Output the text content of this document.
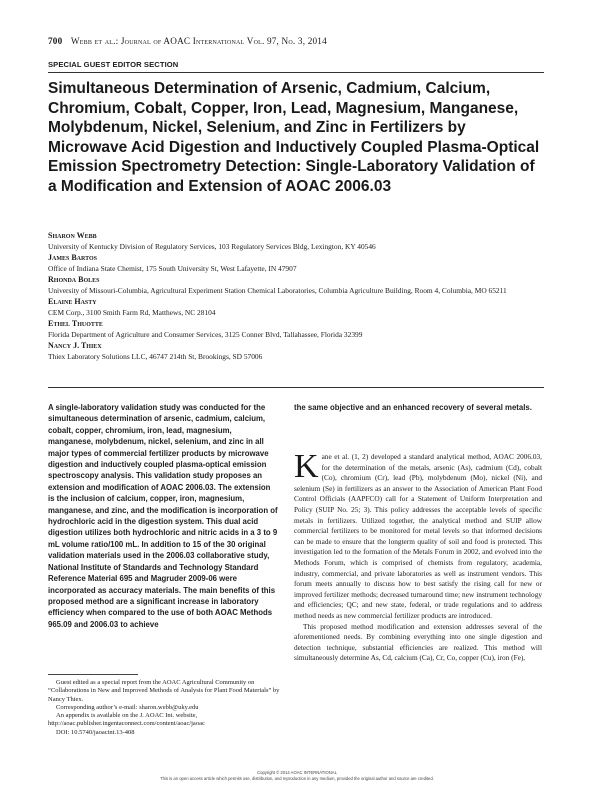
700 Webb et al.: Journal of AOAC International Vol. 97, No. 3, 2014
SPECIAL GUEST EDITOR SECTION
Simultaneous Determination of Arsenic, Cadmium, Calcium, Chromium, Cobalt, Copper, Iron, Lead, Magnesium, Manganese, Molybdenum, Nickel, Selenium, and Zinc in Fertilizers by Microwave Acid Digestion and Inductively Coupled Plasma-Optical Emission Spectrometry Detection: Single-Laboratory Validation of a Modification and Extension of AOAC 2006.03
Sharon Webb
University of Kentucky Division of Regulatory Services, 103 Regulatory Services Bldg, Lexington, KY 40546
James Bartos
Office of Indiana State Chemist, 175 South University St, West Lafayette, IN 47907
Rhonda Boles
University of Missouri-Columbia, Agricultural Experiment Station Chemical Laboratories, Columbia Agriculture Building, Room 4, Columbia, MO 65211
Elaine Hasty
CEM Corp., 3100 Smith Farm Rd, Matthews, NC 28104
Ethel Thuotte
Florida Department of Agriculture and Consumer Services, 3125 Conner Blvd, Tallahassee, Florida 32399
Nancy J. Thiex
Thiex Laboratory Solutions LLC, 46747 214th St, Brookings, SD 57006

A single-laboratory validation study was conducted for the simultaneous determination of arsenic, cadmium, calcium, cobalt, copper, chromium, iron, lead, magnesium, manganese, molybdenum, nickel, selenium, and zinc in all major types of commercial fertilizer products by microwave digestion and inductively coupled plasma-optical emission spectroscopy analysis. This validation study proposes an extension and modification of AOAC 2006.03. The extension is the inclusion of calcium, copper, iron, magnesium, manganese, and zinc, and the modification is incorporation of hydrochloric acid in the digestion system. This dual acid digestion utilizes both hydrochloric and nitric acids in a 3 to 9 mL volume ratio/100 mL. In addition to 15 of the 30 original validation materials used in the 2006.03 collaborative study, National Institute of Standards and Technology Standard Reference Material 695 and Magruder 2009-06 were incorporated as accuracy materials. The main benefits of this proposed method are a significant increase in laboratory efficiency when compared to the use of both AOAC Methods 965.09 and 2006.03 to achieve

the same objective and an enhanced recovery of several metals.

Kane et al. (1, 2) developed a standard analytical method, AOAC 2006.03, for the determination of the metals, arsenic (As), cadmium (Cd), cobalt (Co), chromium (Cr), lead (Pb), molybdenum (Mo), nickel (Ni), and selenium (Se) in fertilizers as an answer to the Association of American Plant Food Control Officials (AAPFCO) call for a Statement of Uniform Interpretation and Policy (SUIP No. 25; 3). This policy addresses the acceptable levels of specific metals in fertilizers. Utilized together, the analytical method and SUIP allow commercial fertilizers to be monitored for metal levels so that informed decisions can be made to ensure that the longterm quality of soil and food is protected. This investigation led to the formation of the Metals Forum in 2002, and evolved into the Methods Forum, which is comprised of chemists from regulatory, academia, industry, commercial, and private laboratories as well as instrument vendors. This forum meets annually to discuss how to best satisfy the rising call for new or improved fertilizer methods; decreased turnaround time; new instrument technology and efficiencies; QC; and new state, federal, or trade regulations and to address method needs as new commercial fertilizer products are introduced.

This proposed method modification and extension addresses several of the aforementioned needs. By combining everything into one single digestion and detection technique, substantial efficiencies are realized. This method will simultaneously determine As, Cd, calcium (Ca), Cr, Co, copper (Cu), iron (Fe),

Guest edited as a special report from the AOAC Agricultural Community on “Collaborations in New and Improved Methods of Analysis for Plant Food Materials” by Nancy Thiex.

Corresponding author’s e-mail: sharon.webb@uky.edu

An appendix is available on the J. AOAC Int. website, http://aoac.publisher.ingentaconnect.com/content/aoac/jaoac

DOI: 10.5740/jaoacint.13-408

Copyright © 2014 AOAC INTERNATIONAL
This is an open access article which permits use, distribution, and reproduction in any medium, provided the original author and source are credited.
